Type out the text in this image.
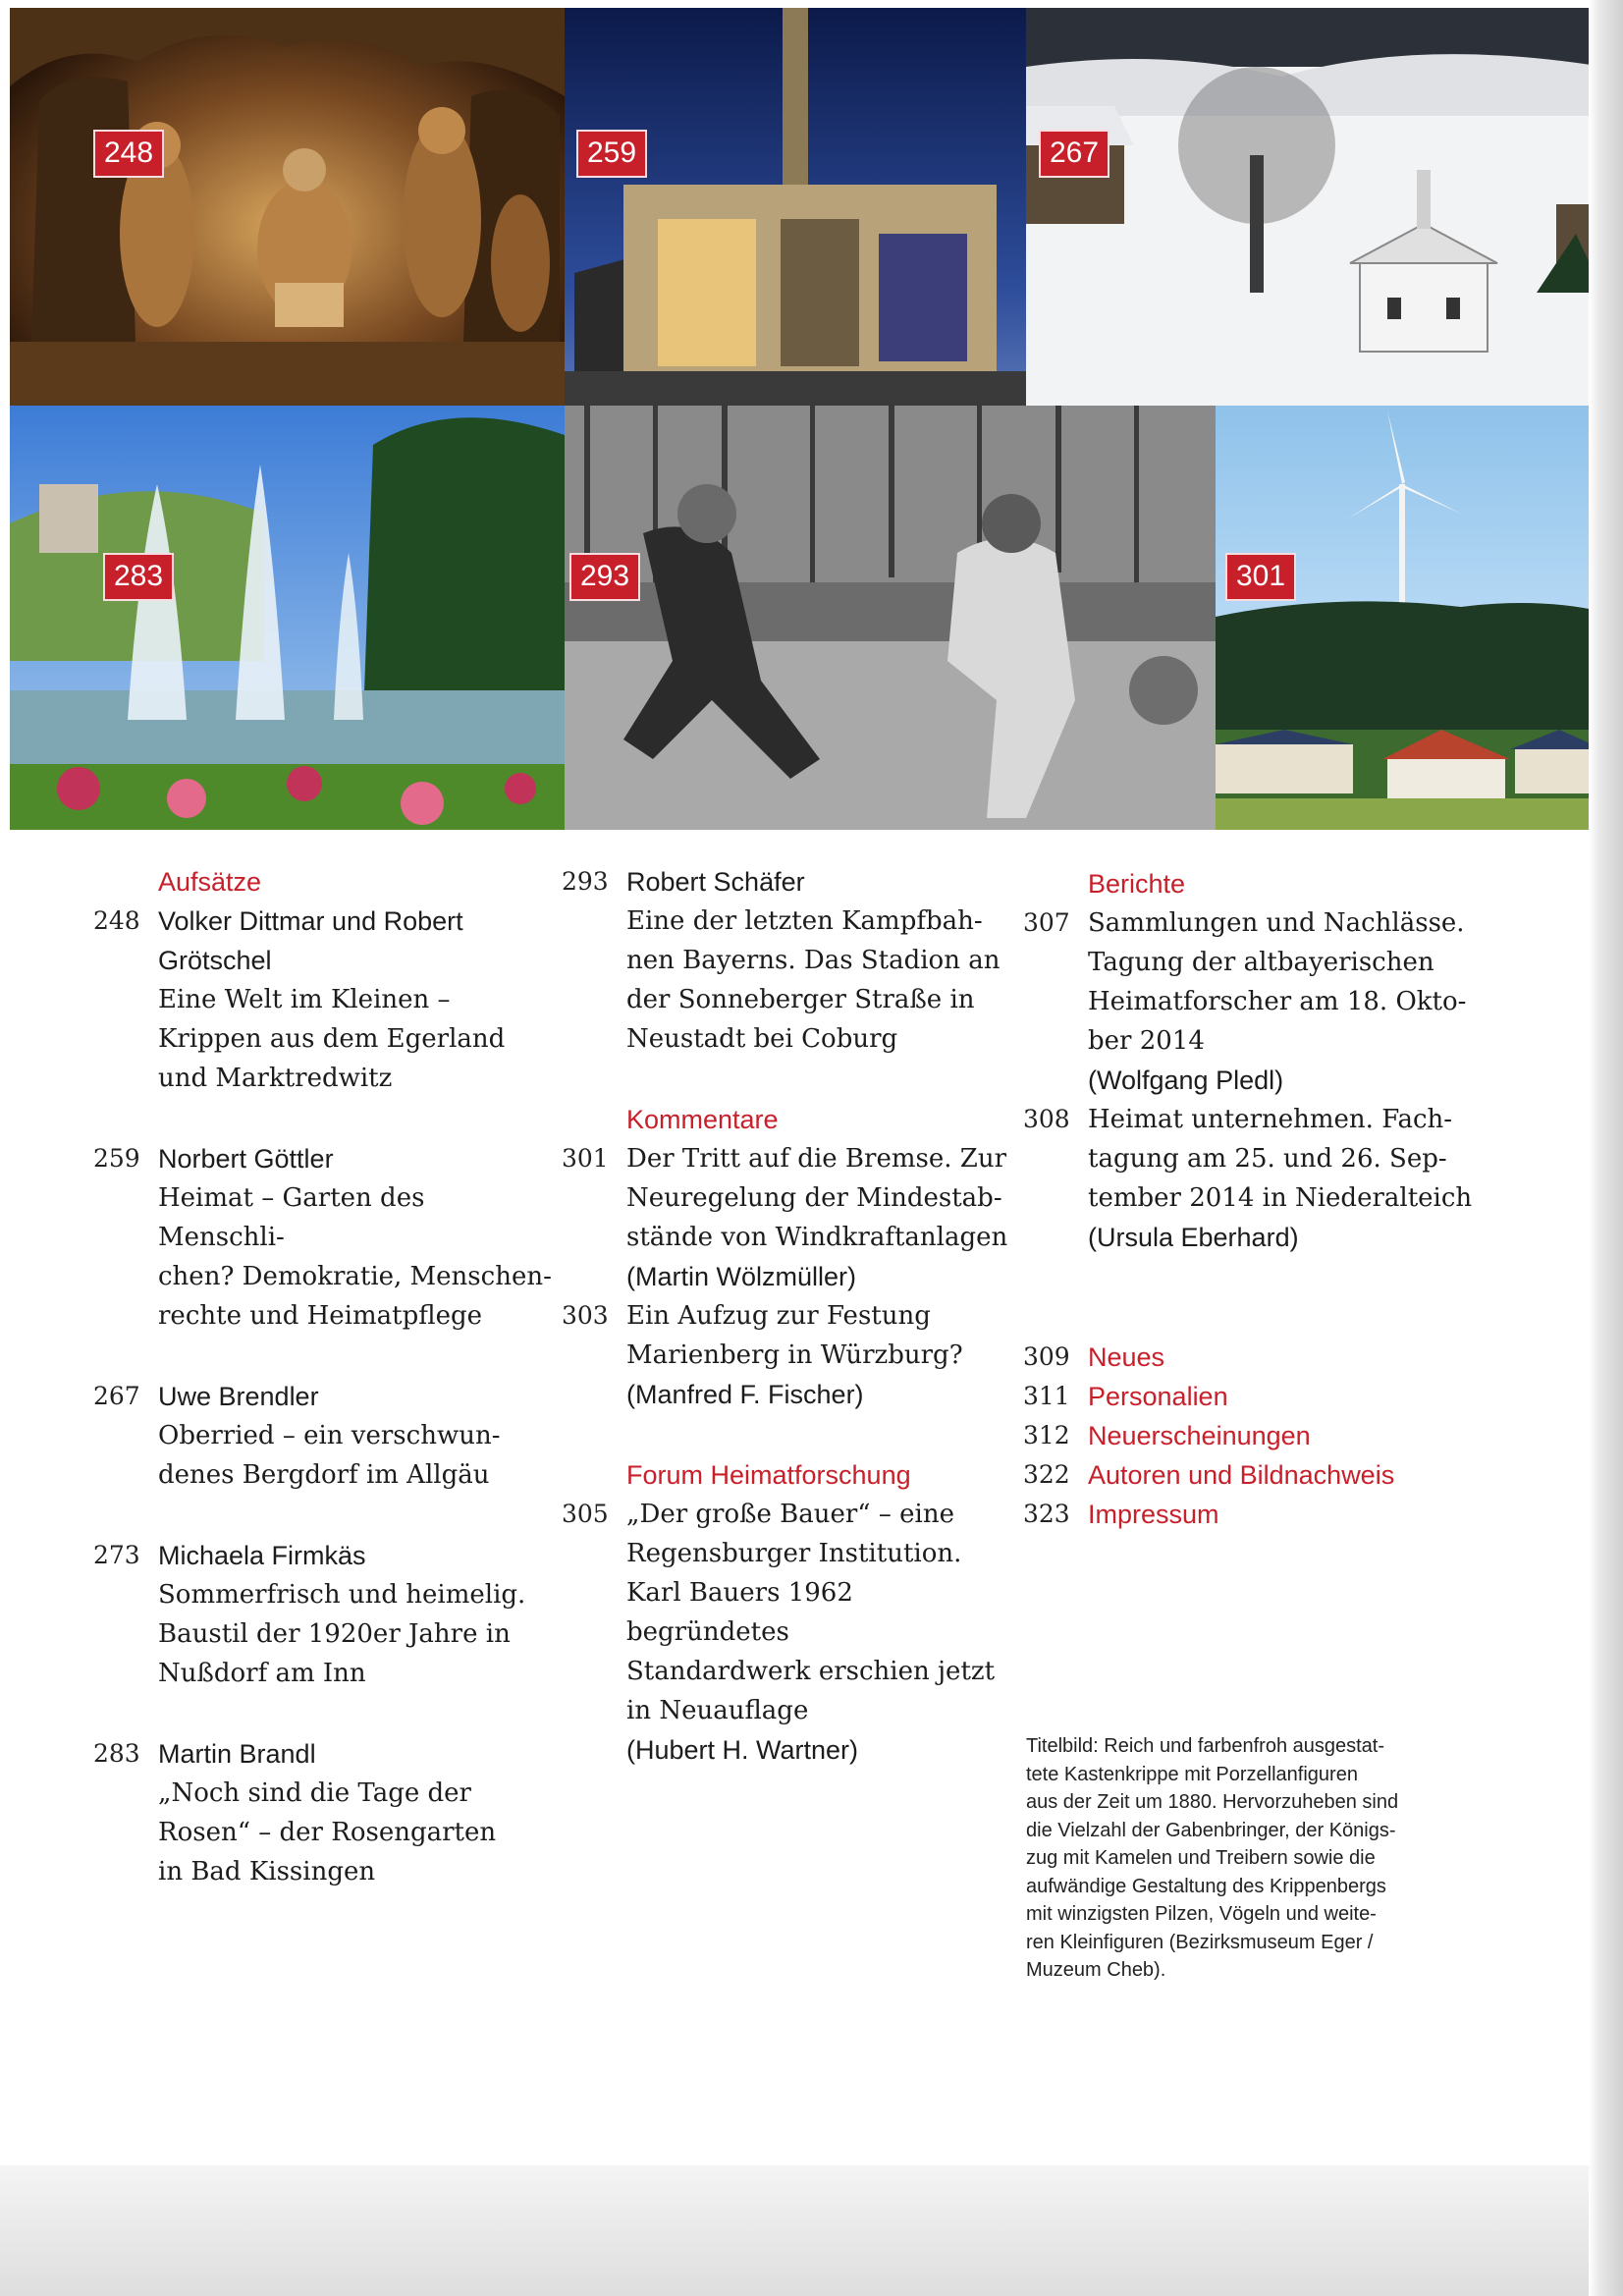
248	259	267
283	293	301

Aufsätze

248 Volker Dittmar und Robert

Grötschel

Eine Welt im Kleinen –

Krippen aus dem Egerland

und Marktredwitz

259 Norbert Göttler

Heimat – Garten des Menschli-

chen? Demokratie, Menschen-

rechte und Heimatpflege

267 Uwe Brendler

Oberried – ein verschwun-

denes Bergdorf im Allgäu

273 Michaela Firmkäs

Sommerfrisch und heimelig.

Baustil der 1920er Jahre in

Nußdorf am Inn

283 Martin Brandl

„Noch sind die Tage der

Rosen“ – der Rosengarten

in Bad Kissingen

293 Robert Schäfer

Eine der letzten Kampfbah-

nen Bayerns. Das Stadion an

der Sonneberger Straße in

Neustadt bei Coburg

Kommentare

301 Der Tritt auf die Bremse. Zur

Neuregelung der Mindestab-

stände von Windkraftanlagen

(Martin Wölzmüller)

303 Ein Aufzug zur Festung

Marienberg in Würzburg?

(Manfred F. Fischer)

Forum Heimatforschung

305 „Der große Bauer“ – eine

Regensburger Institution.

Karl Bauers 1962 begründetes

Standardwerk erschien jetzt

in Neuauflage

(Hubert H. Wartner)

Berichte

307 Sammlungen und Nachlässe.

Tagung der altbayerischen

Heimatforscher am 18. Okto-

ber 2014

(Wolfgang Pledl)

308 Heimat unternehmen. Fach-

tagung am 25. und 26. Sep-

tember 2014 in Niederalteich

(Ursula Eberhard)

309 Neues
311 Personalien
312 Neuerscheinungen
322 Autoren und Bildnachweis
323 Impressum
Titelbild: Reich und farbenfroh ausgestat-
tete Kastenkrippe mit Porzellanfiguren
aus der Zeit um 1880. Hervorzuheben sind
die Vielzahl der Gabenbringer, der Königs-
zug mit Kamelen und Treibern sowie die
aufwändige Gestaltung des Krippenbergs
mit winzigsten Pilzen, Vögeln und weite-
ren Kleinfiguren (Bezirksmuseum Eger /
Muzeum Cheb).
